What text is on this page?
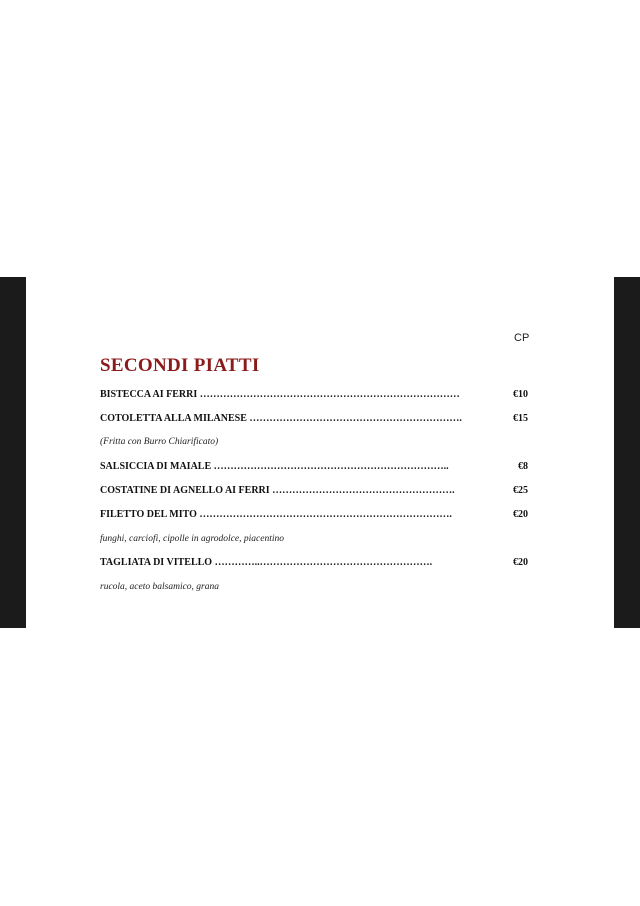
CP
SECONDI PIATTI
BISTECCA AI FERRI ……………………………………………………………………	€10
COTOLETTA ALLA MILANESE ……………………………………………………….	€15
(Fritta con Burro Chiarificato)
SALSICCIA DI MAIALE ……………………………………………………………..	€8
COSTATINE DI AGNELLO AI FERRI ……………………………………………….	€25
FILETTO DEL MITO ………………………………………………………………….	€20
funghi, carciofi, cipolle in agrodolce, piacentino
TAGLIATA DI VITELLO …………..…………………………………………….	€20
rucola, aceto balsamico, grana
